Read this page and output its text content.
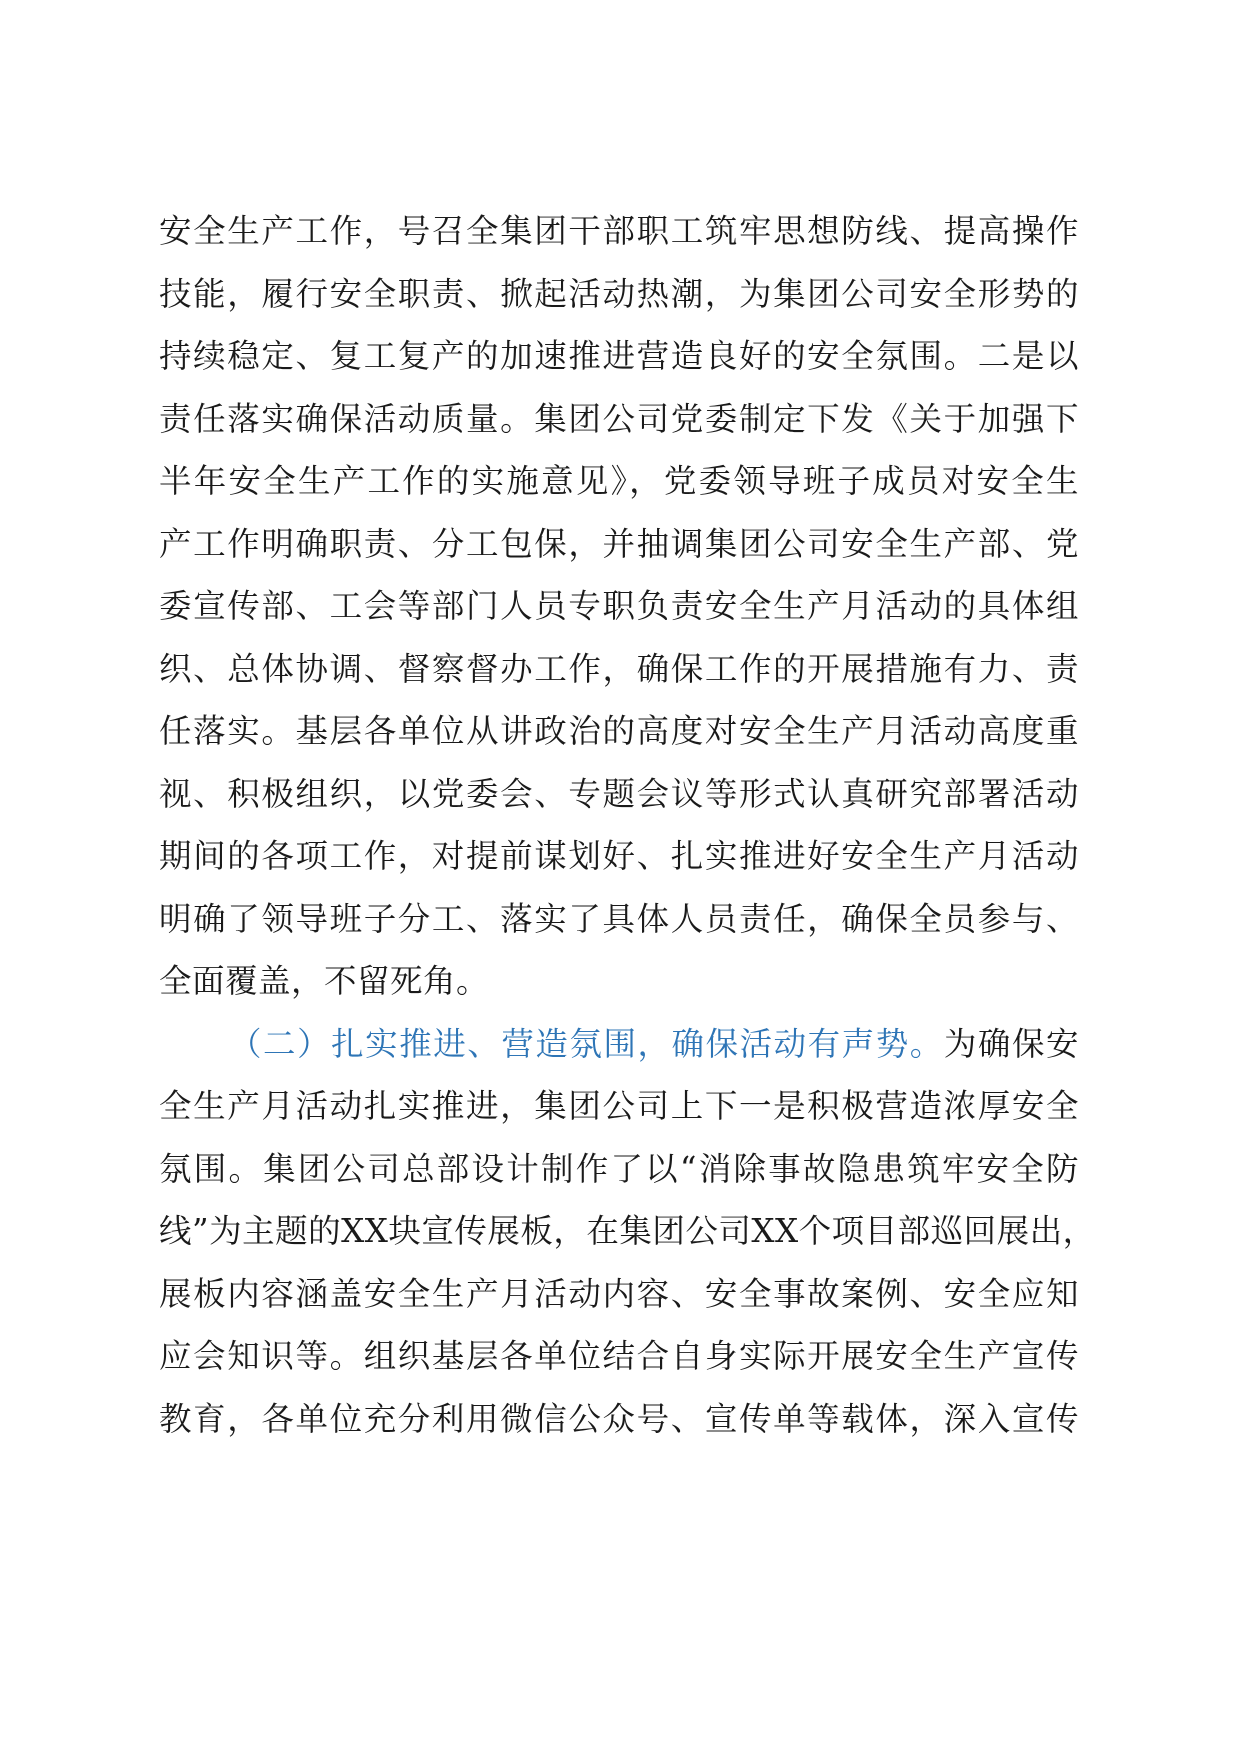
安全生产工作，号召全集团干部职工筑牢思想防线、提高操作
技能，履行安全职责、掀起活动热潮，为集团公司安全形势的
持续稳定、复工复产的加速推进营造良好的安全氛围。二是以
责任落实确保活动质量。集团公司党委制定下发《关于加强下
半年安全生产工作的实施意见》，党委领导班子成员对安全生
产工作明确职责、分工包保，并抽调集团公司安全生产部、党
委宣传部、工会等部门人员专职负责安全生产月活动的具体组
织、总体协调、督察督办工作，确保工作的开展措施有力、责
任落实。基层各单位从讲政治的高度对安全生产月活动高度重
视、积极组织，以党委会、专题会议等形式认真研究部署活动
期间的各项工作，对提前谋划好、扎实推进好安全生产月活动
明确了领导班子分工、落实了具体人员责任，确保全员参与、
全面覆盖，不留死角。
（二）扎实推进、营造氛围，确保活动有声势。为确保安
全生产月活动扎实推进，集团公司上下一是积极营造浓厚安全
氛围。集团公司总部设计制作了以“消除事故隐患筑牢安全防
线”为主题的XX块宣传展板，在集团公司XX个项目部巡回展出，
展板内容涵盖安全生产月活动内容、安全事故案例、安全应知
应会知识等。组织基层各单位结合自身实际开展安全生产宣传
教育，各单位充分利用微信公众号、宣传单等载体，深入宣传
